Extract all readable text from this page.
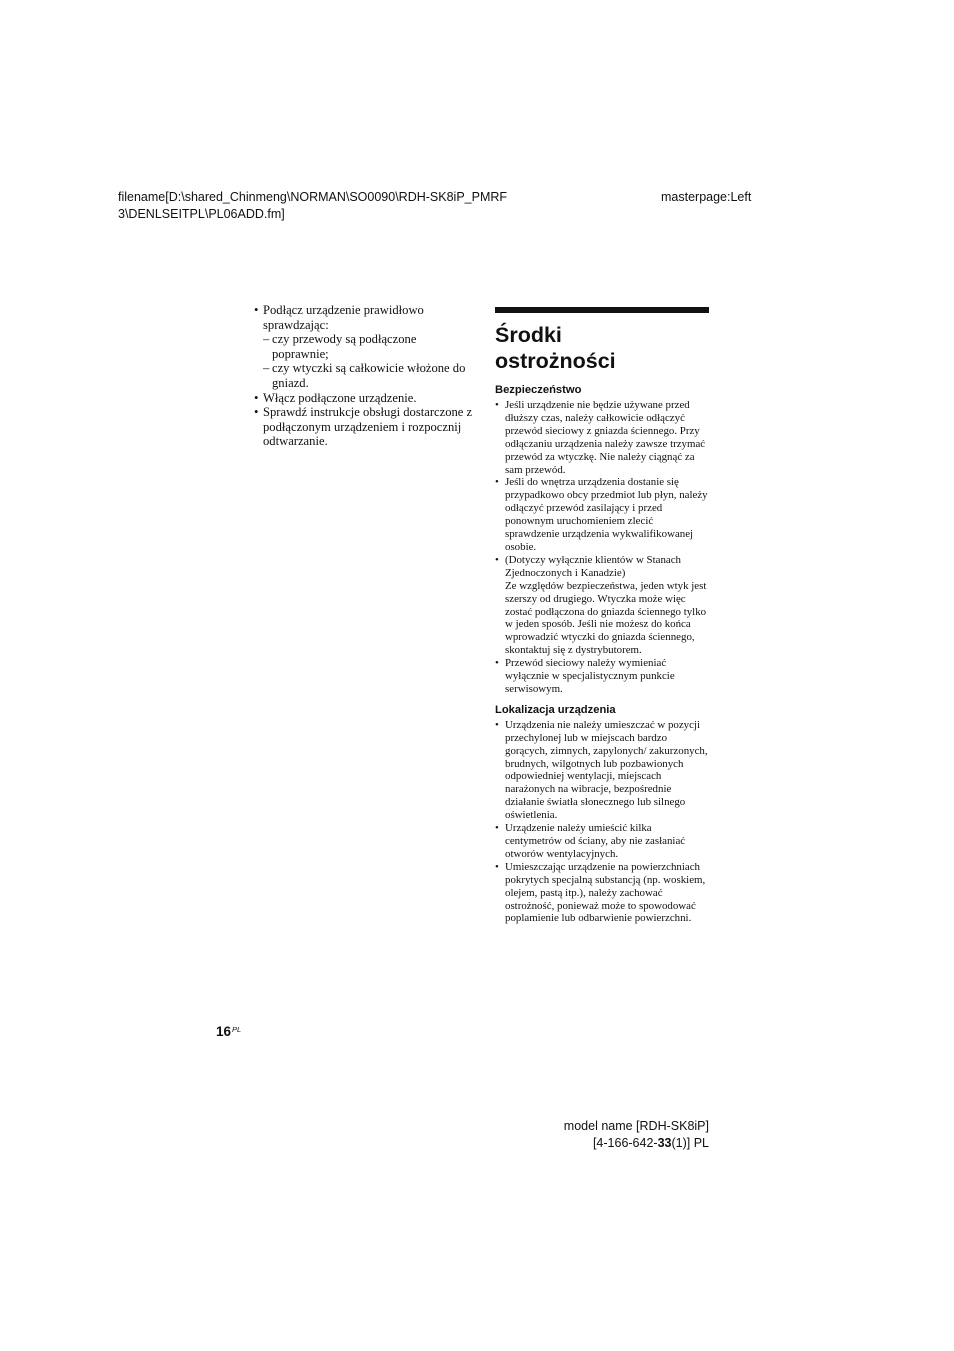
filename[D:\shared_Chinmeng\NORMAN\SO0090\RDH-SK8iP_PMRF
3\DENLSEITPL\PL06ADD.fm]
masterpage:Left
• Podłącz urządzenie prawidłowo sprawdzając:
– czy przewody są podłączone poprawnie;
– czy wtyczki są całkowicie włożone do gniazd.
• Włącz podłączone urządzenie.
• Sprawdź instrukcje obsługi dostarczone z podłączonym urządzeniem i rozpocznij odtwarzanie.
Środki
ostrożności
Bezpieczeństwo
• Jeśli urządzenie nie będzie używane przed dłuższy czas, należy całkowicie odłączyć przewód sieciowy z gniazda ściennego. Przy odłączaniu urządzenia należy zawsze trzymać przewód za wtyczkę. Nie należy ciągnąć za sam przewód.
• Jeśli do wnętrza urządzenia dostanie się przypadkowo obcy przedmiot lub płyn, należy odłączyć przewód zasilający i przed ponownym uruchomieniem zlecić sprawdzenie urządzenia wykwalifikowanej osobie.
• (Dotyczy wyłącznie klientów w Stanach Zjednoczonych i Kanadzie)
Ze względów bezpieczeństwa, jeden wtyk jest szerszy od drugiego. Wtyczka może więc zostać podłączona do gniazda ściennego tylko w jeden sposób. Jeśli nie możesz do końca wprowadzić wtyczki do gniazda ściennego, skontaktuj się z dystrybutorem.
• Przewód sieciowy należy wymieniać wyłącznie w specjalistycznym punkcie serwisowym.
Lokalizacja urządzenia
• Urządzenia nie należy umieszczać w pozycji przechylonej lub w miejscach bardzo gorących, zimnych, zapylonych/ zakurzonych, brudnych, wilgotnych lub pozbawionych odpowiedniej wentylacji, miejscach narażonych na wibracje, bezpośrednie działanie światła słonecznego lub silnego oświetlenia.
• Urządzenie należy umieścić kilka centymetrów od ściany, aby nie zasłaniać otworów wentylacyjnych.
• Umieszczając urządzenie na powierzchniach pokrytych specjalną substancją (np. woskiem, olejem, pastą itp.), należy zachować ostrożność, ponieważ może to spowodować poplamienie lub odbarwienie powierzchni.
$16^{PL}$
model name [RDH-SK8iP]
[4-166-642-33(1)] PL
